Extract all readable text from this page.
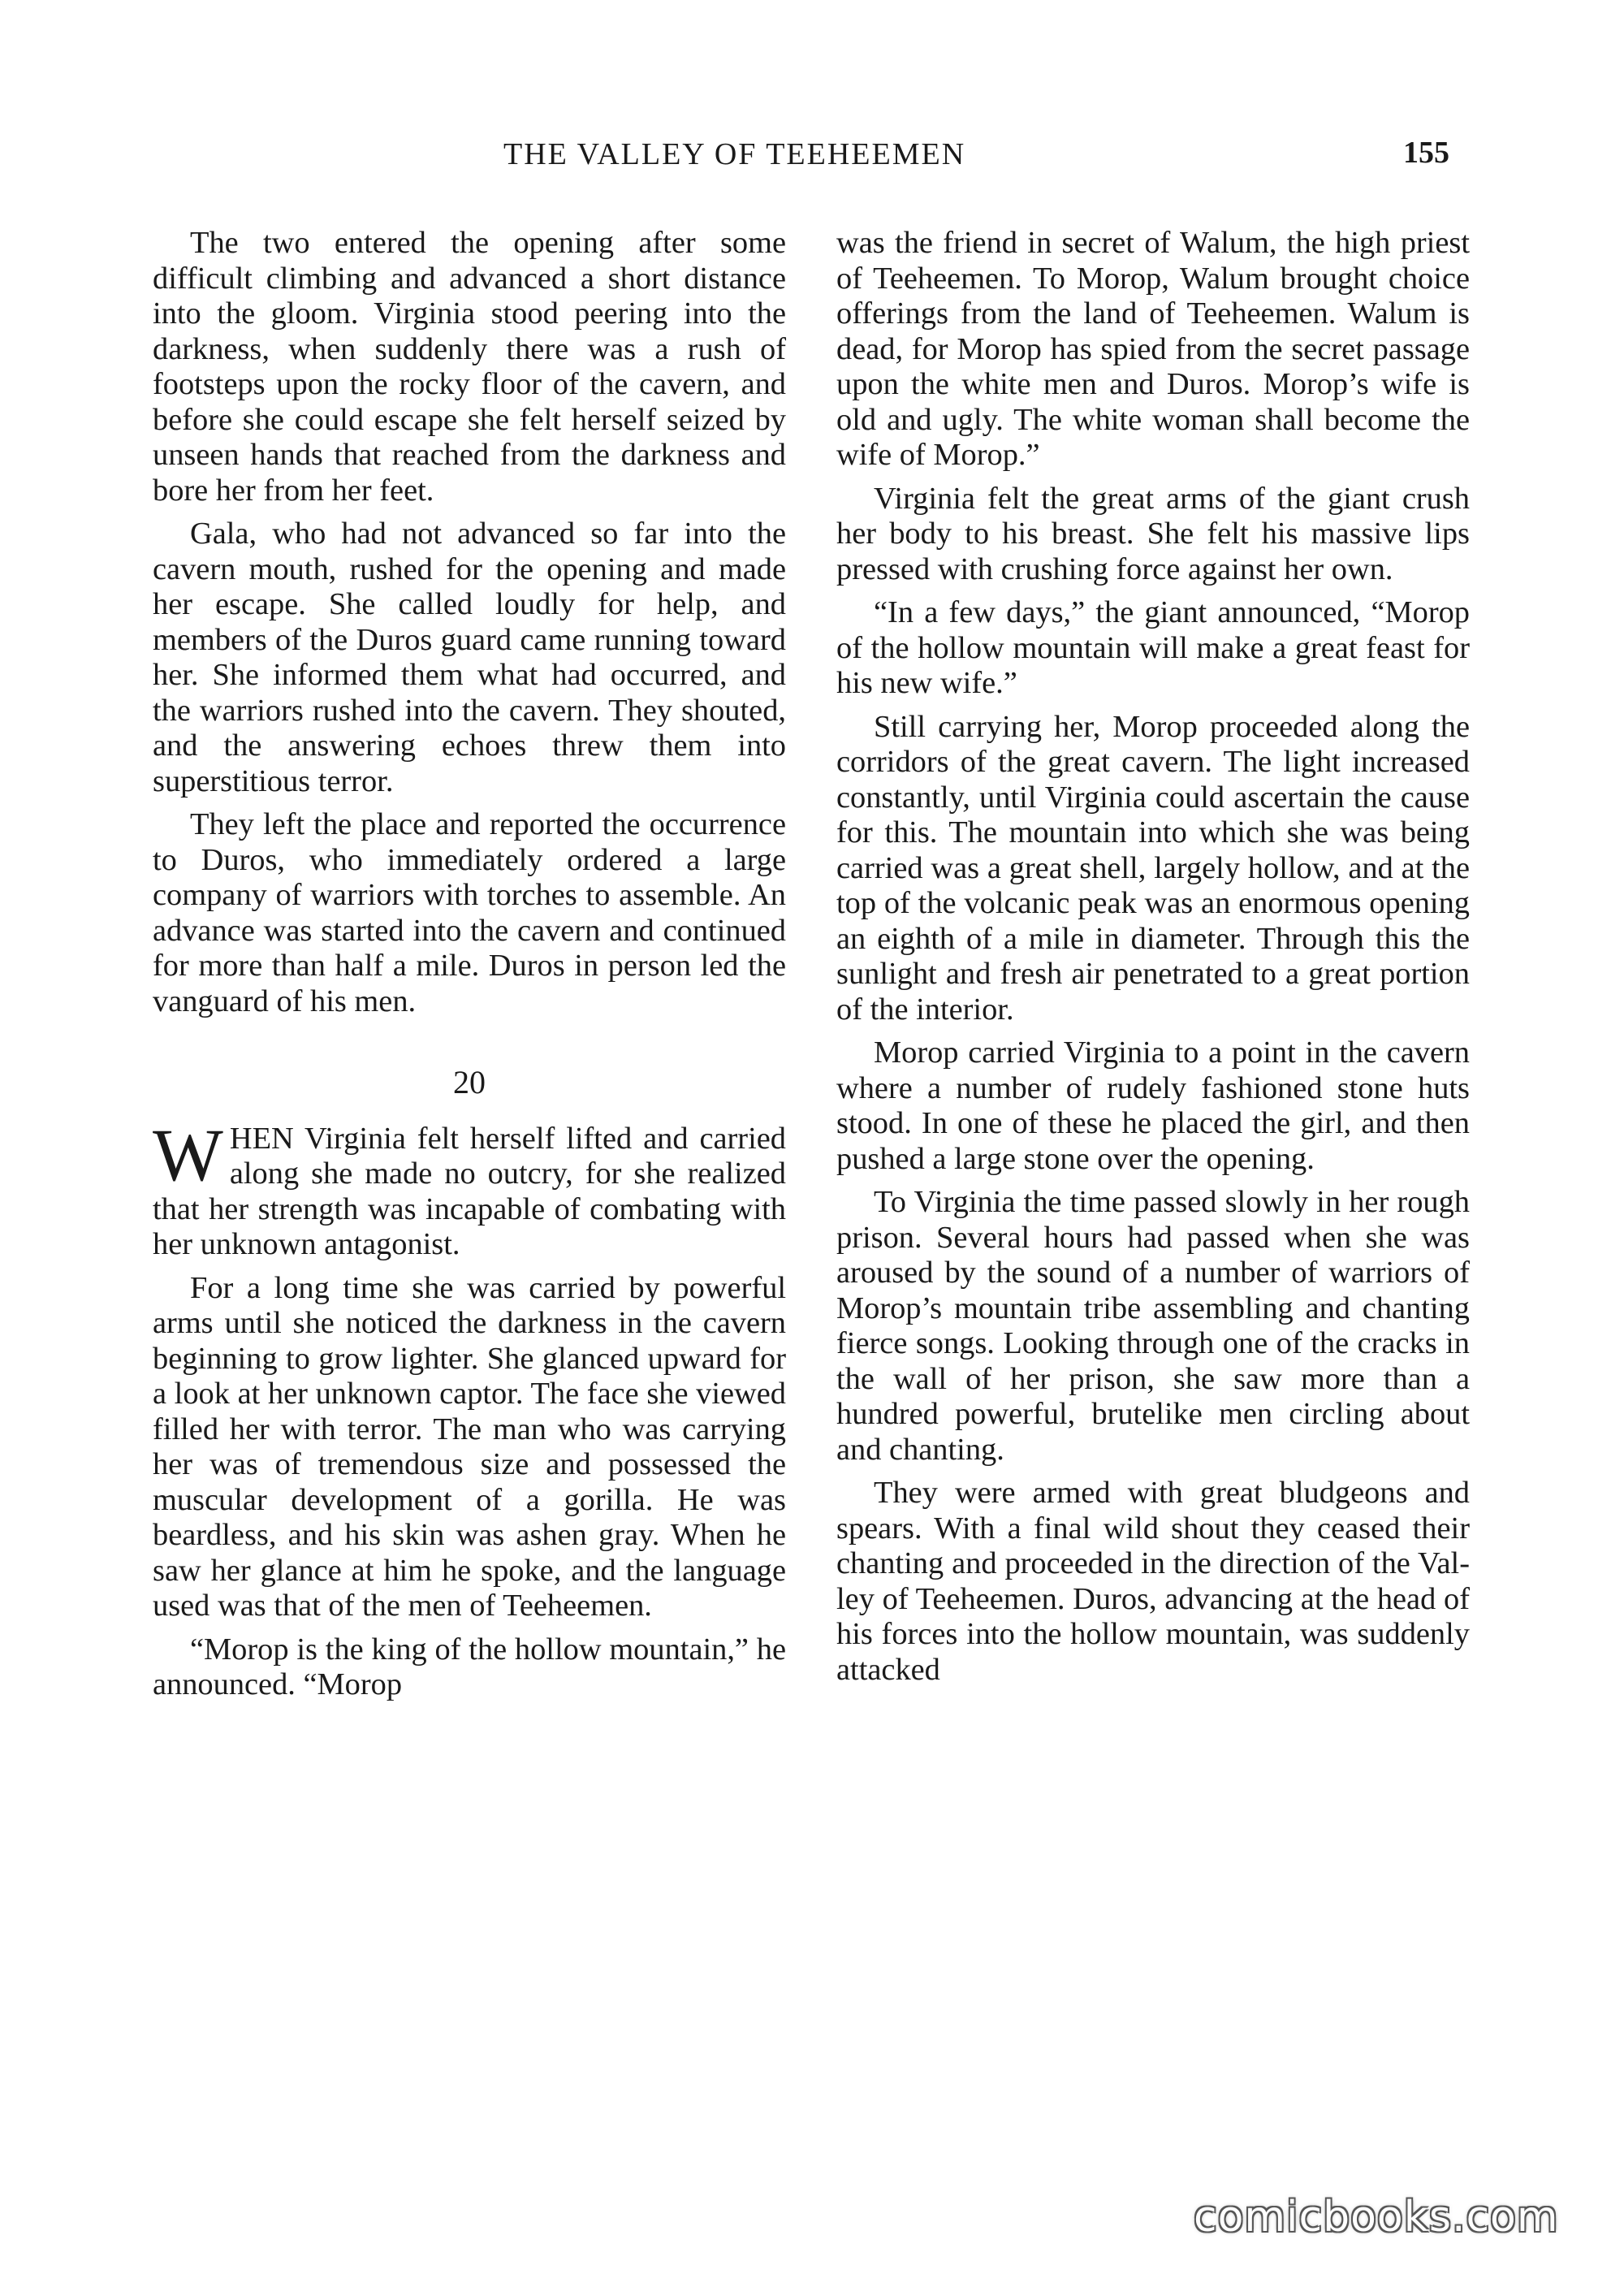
THE VALLEY OF TEEHEEMEN	155

The two entered the opening after some difficult climbing and advanced a short distance into the gloom. Virginia stood peering into the darkness, when suddenly there was a rush of footsteps upon the rocky floor of the cavern, and before she could escape she felt herself seized by unseen hands that reached from the darkness and bore her from her feet.

Gala, who had not advanced so far into the cavern mouth, rushed for the opening and made her escape. She called loudly for help, and members of the Duros guard came running toward her. She informed them what had occurred, and the warriors rushed into the cavern. They shouted, and the answering echoes threw them into superstitious terror.

They left the place and reported the occurrence to Duros, who immediately ordered a large company of warriors with torches to assemble. An advance was started into the cavern and continued for more than half a mile. Duros in person led the vanguard of his men.

20

WHEN Virginia felt herself lifted and carried along she made no outcry, for she realized that her strength was incapable of combating with her unknown antagonist.

For a long time she was carried by powerful arms until she noticed the darkness in the cavern beginning to grow lighter. She glanced upward for a look at her unknown captor. The face she viewed filled her with terror. The man who was carrying her was of tremendous size and possessed the muscular development of a gorilla. He was beardless, and his skin was ashen gray. When he saw her glance at him he spoke, and the language used was that of the men of Teeheemen.

“Morop is the king of the hollow mountain,” he announced. “Morop

was the friend in secret of Walum, the high priest of Teeheemen. To Morop, Walum brought choice offerings from the land of Teeheemen. Walum is dead, for Morop has spied from the secret passage upon the white men and Duros. Morop’s wife is old and ugly. The white woman shall become the wife of Morop.”

Virginia felt the great arms of the giant crush her body to his breast. She felt his massive lips pressed with crushing force against her own.

“In a few days,” the giant announced, “Morop of the hollow mountain will make a great feast for his new wife.”

Still carrying her, Morop proceeded along the corridors of the great cavern. The light increased constantly, until Virginia could ascertain the cause for this. The mountain into which she was being carried was a great shell, largely hollow, and at the top of the volcanic peak was an enormous opening an eighth of a mile in diameter. Through this the sunlight and fresh air penetrated to a great portion of the interior.

Morop carried Virginia to a point in the cavern where a number of rudely fashioned stone huts stood. In one of these he placed the girl, and then pushed a large stone over the opening.

To Virginia the time passed slowly in her rough prison. Several hours had passed when she was aroused by the sound of a number of warriors of Morop’s mountain tribe assembling and chanting fierce songs. Looking through one of the cracks in the wall of her prison, she saw more than a hundred powerful, brutelike men circling about and chanting.

They were armed with great bludgeons and spears. With a final wild shout they ceased their chanting and proceeded in the direction of the Valley of Teeheemen. Duros, advancing at the head of his forces into the hollow mountain, was suddenly attacked

comicbooks.com
